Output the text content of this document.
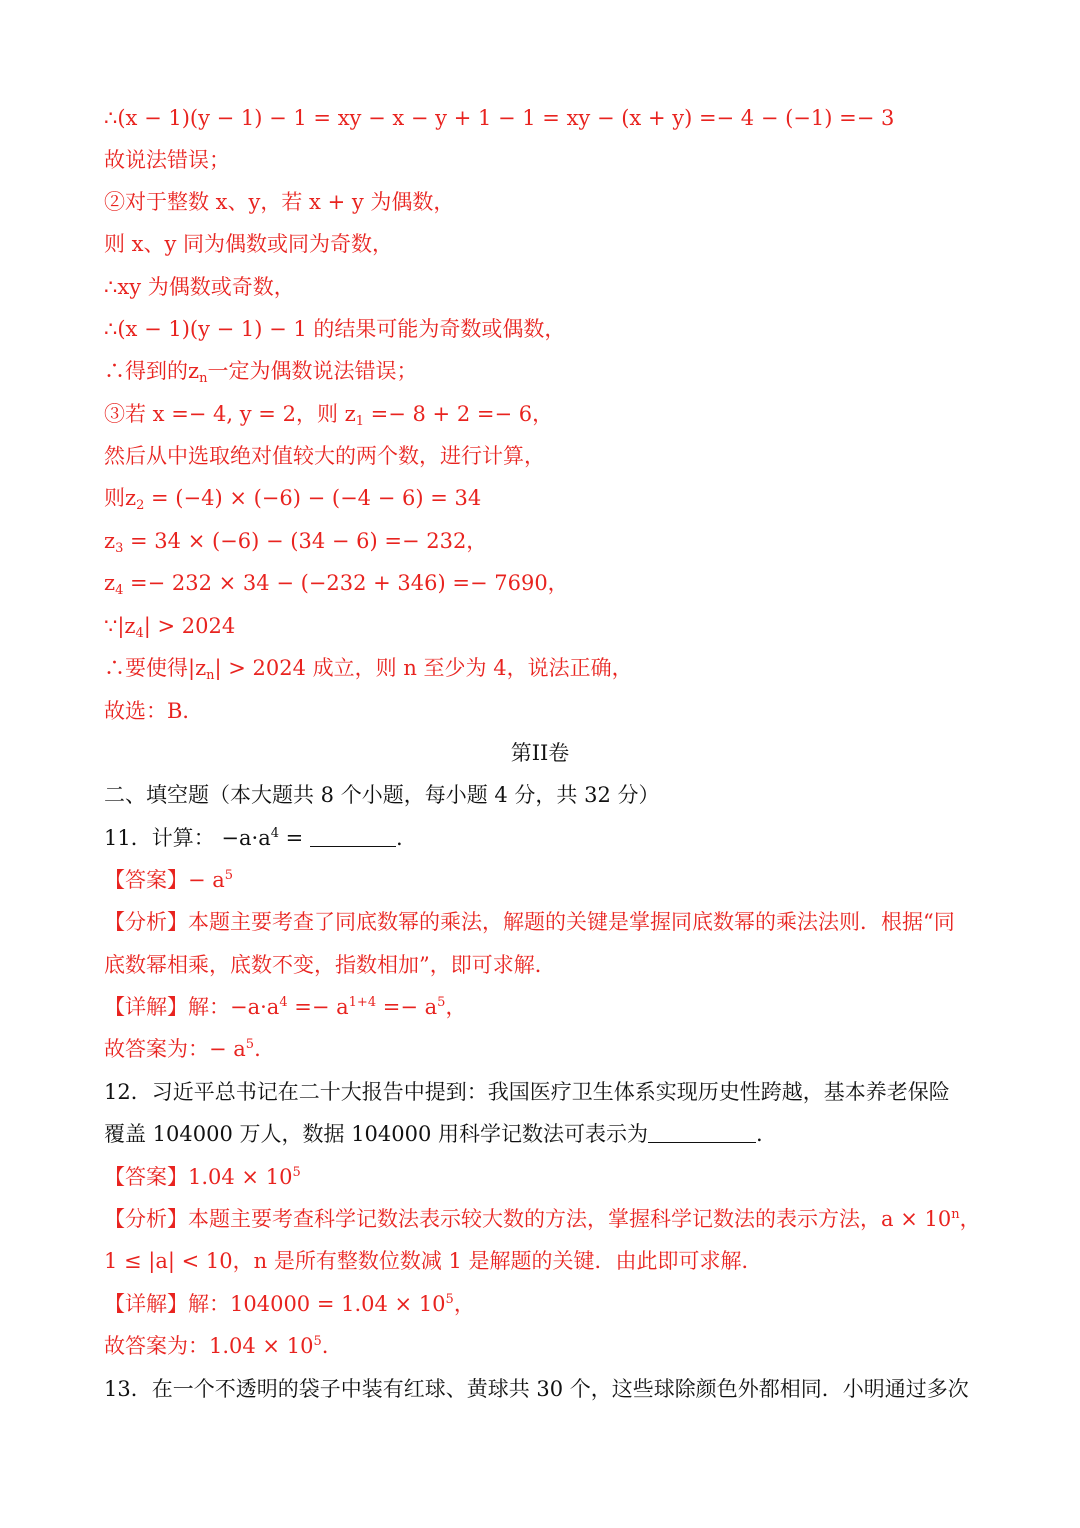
∴(x − 1)(y − 1) − 1 = xy − x − y + 1 − 1 = xy − (x + y) =− 4 − (−1) =− 3
故说法错误；
②对于整数 x、y，若 x + y 为偶数，
则 x、y 同为偶数或同为奇数，
∴xy 为偶数或奇数，
∴(x − 1)(y − 1) − 1 的结果可能为奇数或偶数，
∴得到的$z_n$一定为偶数说法错误；
③若 x =− 4, y = 2，则 $z_1 =- 8 + 2 =- 6$，
然后从中选取绝对值较大的两个数，进行计算，
则$z_2 = (-4) \times (-6) - (-4 - 6) = 34$
$z_3 = 34 \times (-6) - (34 - 6) =- 232$，
$z_4 =- 232 \times 34 - (-232 + 346) =- 7690$，
$\because|z_4| > 2024$
∴要使得$|z_n| > 2024$ 成立，则 n 至少为 4，说法正确，
故选：B．
第II卷
二、填空题（本大题共 8 个小题，每小题 4 分，共 32 分）
11．计算： $-a\cdot a^4$ =	.
【答案】− $a^5$
【分析】本题主要考查了同底数幂的乘法，解题的关键是掌握同底数幂的乘法法则．根据“同
底数幂相乘，底数不变，指数相加”，即可求解．
【详解】解：$-a\cdot a^4 =- a^{1+4} =- a^5$，
故答案为：− $a^5$.
12．习近平总书记在二十大报告中提到：我国医疗卫生体系实现历史性跨越，基本养老保险
覆盖 104000 万人，数据 104000 用科学记数法可表示为	.
【答案】$1.04 \times 10^5$
【分析】本题主要考查科学记数法表示较大数的方法，掌握科学记数法的表示方法，$a \times 10^n$，
1 ≤ |a| < 10，n 是所有整数位数减 1 是解题的关键．由此即可求解．
【详解】解：$104000 = 1.04 \times 10^5$，
故答案为：$1.04 \times 10^5$.
13．在一个不透明的袋子中装有红球、黄球共 30 个，这些球除颜色外都相同．小明通过多次
